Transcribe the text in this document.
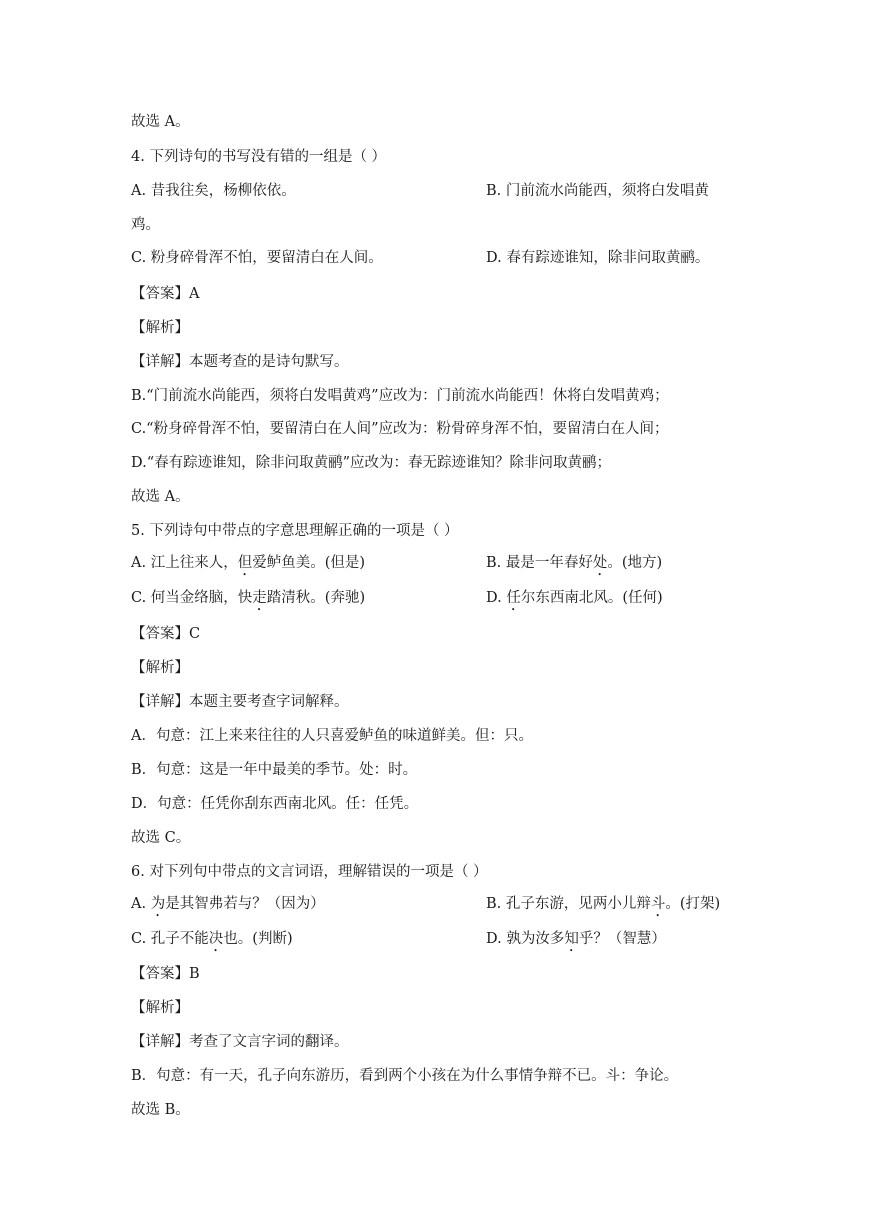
故选 A。
4. 下列诗句的书写没有错的一组是（ ）
A. 昔我往矣，杨柳依依。	B. 门前流水尚能西，须将白发唱黄
鸡。
C. 粉身碎骨浑不怕，要留清白在人间。	D. 春有踪迹谁知，除非问取黄鹂。
【答案】A
【解析】
【详解】本题考查的是诗句默写。
B.“门前流水尚能西，须将白发唱黄鸡”应改为：门前流水尚能西！休将白发唱黄鸡；
C.“粉身碎骨浑不怕，要留清白在人间”应改为：粉骨碎身浑不怕，要留清白在人间；
D.“春有踪迹谁知，除非问取黄鹂”应改为：春无踪迹谁知？除非问取黄鹂；
故选 A。
5. 下列诗句中带点的字意思理解正确的一项是（ ）
A. 江上往来人，但爱鲈鱼美。(但是)	B. 最是一年春好处。(地方)
C. 何当金络脑，快走踏清秋。(奔驰)	D. 任尔东西南北风。(任何)
【答案】C
【解析】
【详解】本题主要考查字词解释。
A．句意：江上来来往往的人只喜爱鲈鱼的味道鲜美。但：只。
B．句意：这是一年中最美的季节。处：时。
D．句意：任凭你刮东西南北风。任：任凭。
故选 C。
6. 对下列句中带点的文言词语，理解错误的一项是（ ）
A. 为是其智弗若与？（因为）	B. 孔子东游，见两小儿辩斗。(打架)
C. 孔子不能决也。(判断)	D. 孰为汝多知乎？（智慧）
【答案】B
【解析】
【详解】考查了文言字词的翻译。
B．句意：有一天，孔子向东游历，看到两个小孩在为什么事情争辩不已。斗：争论。
故选 B。
